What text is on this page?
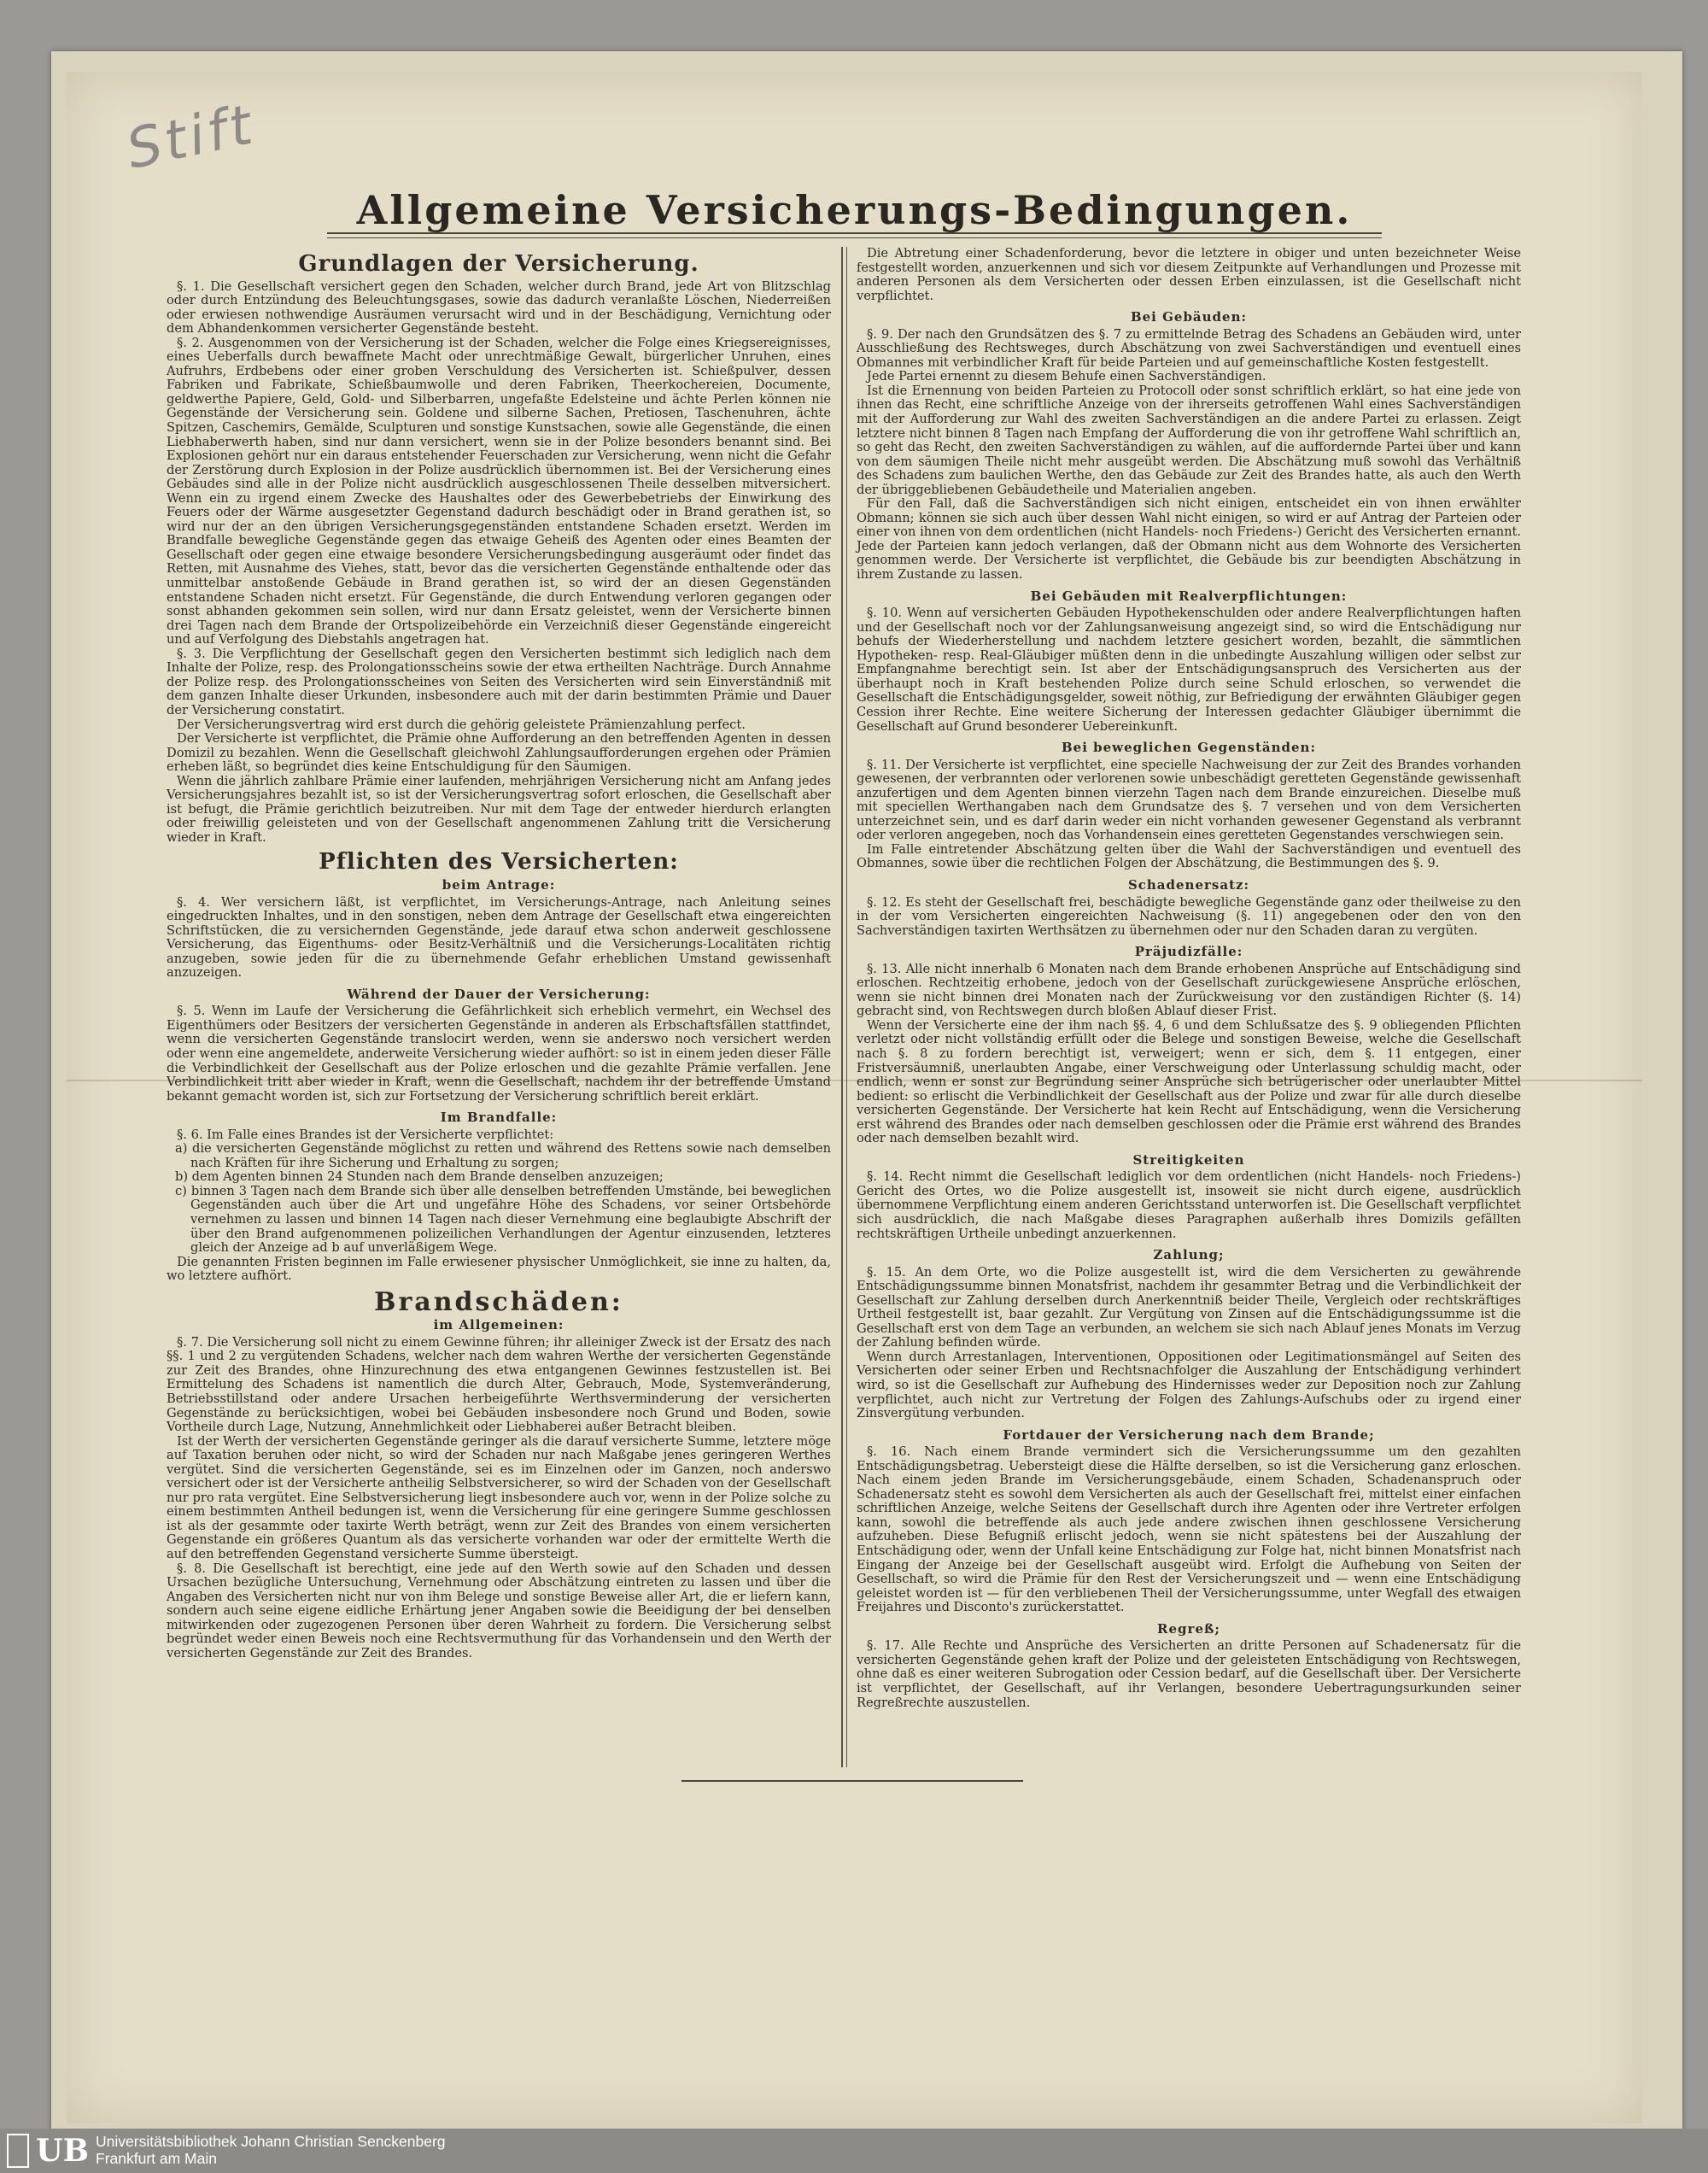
Stift
Allgemeine Versicherungs-Bedingungen.
Grundlagen der Versicherung.

§. 1. Die Gesellschaft versichert gegen den Schaden, welcher durch Brand, jede Art von Blitzschlag oder durch Entzündung des Beleuchtungsgases, sowie das dadurch veranlaßte Löschen, Niederreißen oder erwiesen nothwendige Ausräumen verursacht wird und in der Beschädigung, Vernichtung oder dem Abhandenkommen versicherter Gegenstände besteht.

§. 2. Ausgenommen von der Versicherung ist der Schaden, welcher die Folge eines Kriegsereignisses, eines Ueberfalls durch bewaffnete Macht oder unrechtmäßige Gewalt, bürgerlicher Unruhen, eines Aufruhrs, Erdbebens oder einer groben Verschuldung des Versicherten ist. Schießpulver, dessen Fabriken und Fabrikate, Schießbaumwolle und deren Fabriken, Theerkochereien, Documente, geldwerthe Papiere, Geld, Gold- und Silberbarren, ungefaßte Edelsteine und ächte Perlen können nie Gegenstände der Versicherung sein. Goldene und silberne Sachen, Pretiosen, Taschenuhren, ächte Spitzen, Caschemirs, Gemälde, Sculpturen und sonstige Kunstsachen, sowie alle Gegenstände, die einen Liebhaberwerth haben, sind nur dann versichert, wenn sie in der Polize besonders benannt sind. Bei Explosionen gehört nur ein daraus entstehender Feuerschaden zur Versicherung, wenn nicht die Gefahr der Zerstörung durch Explosion in der Polize ausdrücklich übernommen ist. Bei der Versicherung eines Gebäudes sind alle in der Polize nicht ausdrücklich ausgeschlossenen Theile desselben mitversichert. Wenn ein zu irgend einem Zwecke des Haushaltes oder des Gewerbebetriebs der Einwirkung des Feuers oder der Wärme ausgesetzter Gegenstand dadurch beschädigt oder in Brand gerathen ist, so wird nur der an den übrigen Versicherungsgegenständen entstandene Schaden ersetzt. Werden im Brandfalle bewegliche Gegenstände gegen das etwaige Geheiß des Agenten oder eines Beamten der Gesellschaft oder gegen eine etwaige besondere Versicherungsbedingung ausgeräumt oder findet das Retten, mit Ausnahme des Viehes, statt, bevor das die versicherten Gegenstände enthaltende oder das unmittelbar anstoßende Gebäude in Brand gerathen ist, so wird der an diesen Gegenständen entstandene Schaden nicht ersetzt. Für Gegenstände, die durch Entwendung verloren gegangen oder sonst abhanden gekommen sein sollen, wird nur dann Ersatz geleistet, wenn der Versicherte binnen drei Tagen nach dem Brande der Ortspolizeibehörde ein Verzeichniß dieser Gegenstände eingereicht und auf Verfolgung des Diebstahls angetragen hat.

§. 3. Die Verpflichtung der Gesellschaft gegen den Versicherten bestimmt sich lediglich nach dem Inhalte der Polize, resp. des Prolongationsscheins sowie der etwa ertheilten Nachträge. Durch Annahme der Polize resp. des Prolongationsscheines von Seiten des Versicherten wird sein Einverständniß mit dem ganzen Inhalte dieser Urkunden, insbesondere auch mit der darin bestimmten Prämie und Dauer der Versicherung constatirt.

Der Versicherungsvertrag wird erst durch die gehörig geleistete Prämienzahlung perfect.

Der Versicherte ist verpflichtet, die Prämie ohne Aufforderung an den betreffenden Agenten in dessen Domizil zu bezahlen. Wenn die Gesellschaft gleichwohl Zahlungsaufforderungen ergehen oder Prämien erheben läßt, so begründet dies keine Entschuldigung für den Säumigen.

Wenn die jährlich zahlbare Prämie einer laufenden, mehrjährigen Versicherung nicht am Anfang jedes Versicherungsjahres bezahlt ist, so ist der Versicherungsvertrag sofort erloschen, die Gesellschaft aber ist befugt, die Prämie gerichtlich beizutreiben. Nur mit dem Tage der entweder hierdurch erlangten oder freiwillig geleisteten und von der Gesellschaft angenommenen Zahlung tritt die Versicherung wieder in Kraft.

Pflichten des Versicherten:
beim Antrage:

§. 4. Wer versichern läßt, ist verpflichtet, im Versicherungs-Antrage, nach Anleitung seines eingedruckten Inhaltes, und in den sonstigen, neben dem Antrage der Gesellschaft etwa eingereichten Schriftstücken, die zu versichernden Gegenstände, jede darauf etwa schon anderweit geschlossene Versicherung, das Eigenthums- oder Besitz-Verhältniß und die Versicherungs-Localitäten richtig anzugeben, sowie jeden für die zu übernehmende Gefahr erheblichen Umstand gewissenhaft anzuzeigen.

Während der Dauer der Versicherung:

§. 5. Wenn im Laufe der Versicherung die Gefährlichkeit sich erheblich vermehrt, ein Wechsel des Eigenthümers oder Besitzers der versicherten Gegenstände in anderen als Erbschaftsfällen stattfindet, wenn die versicherten Gegenstände translocirt werden, wenn sie anderswo noch versichert werden oder wenn eine angemeldete, anderweite Versicherung wieder aufhört: so ist in einem jeden dieser Fälle die Verbindlichkeit der Gesellschaft aus der Polize erloschen und die gezahlte Prämie verfallen. Jene Verbindlichkeit tritt aber wieder in Kraft, wenn die Gesellschaft, nachdem ihr der betreffende Umstand bekannt gemacht worden ist, sich zur Fortsetzung der Versicherung schriftlich bereit erklärt.

Im Brandfalle:

§. 6. Im Falle eines Brandes ist der Versicherte verpflichtet:

a) die versicherten Gegenstände möglichst zu retten und während des Rettens sowie nach demselben nach Kräften für ihre Sicherung und Erhaltung zu sorgen;

b) dem Agenten binnen 24 Stunden nach dem Brande denselben anzuzeigen;

c) binnen 3 Tagen nach dem Brande sich über alle denselben betreffenden Umstände, bei beweglichen Gegenständen auch über die Art und ungefähre Höhe des Schadens, vor seiner Ortsbehörde vernehmen zu lassen und binnen 14 Tagen nach dieser Vernehmung eine beglaubigte Abschrift der über den Brand aufgenommenen polizeilichen Verhandlungen der Agentur einzusenden, letzteres gleich der Anzeige ad b auf unverläßigem Wege.

Die genannten Fristen beginnen im Falle erwiesener physischer Unmöglichkeit, sie inne zu halten, da, wo letztere aufhört.

Brandschäden:
im Allgemeinen:

§. 7. Die Versicherung soll nicht zu einem Gewinne führen; ihr alleiniger Zweck ist der Ersatz des nach §§. 1 und 2 zu vergütenden Schadens, welcher nach dem wahren Werthe der versicherten Gegenstände zur Zeit des Brandes, ohne Hinzurechnung des etwa entgangenen Gewinnes festzustellen ist. Bei Ermittelung des Schadens ist namentlich die durch Alter, Gebrauch, Mode, Systemveränderung, Betriebsstillstand oder andere Ursachen herbeigeführte Werthsverminderung der versicherten Gegenstände zu berücksichtigen, wobei bei Gebäuden insbesondere noch Grund und Boden, sowie Vortheile durch Lage, Nutzung, Annehmlichkeit oder Liebhaberei außer Betracht bleiben.

Ist der Werth der versicherten Gegenstände geringer als die darauf versicherte Summe, letztere möge auf Taxation beruhen oder nicht, so wird der Schaden nur nach Maßgabe jenes geringeren Werthes vergütet. Sind die versicherten Gegenstände, sei es im Einzelnen oder im Ganzen, noch anderswo versichert oder ist der Versicherte antheilig Selbstversicherer, so wird der Schaden von der Gesellschaft nur pro rata vergütet. Eine Selbstversicherung liegt insbesondere auch vor, wenn in der Polize solche zu einem bestimmten Antheil bedungen ist, wenn die Versicherung für eine geringere Summe geschlossen ist als der gesammte oder taxirte Werth beträgt, wenn zur Zeit des Brandes von einem versicherten Gegenstande ein größeres Quantum als das versicherte vorhanden war oder der ermittelte Werth die auf den betreffenden Gegenstand versicherte Summe übersteigt.

§. 8. Die Gesellschaft ist berechtigt, eine jede auf den Werth sowie auf den Schaden und dessen Ursachen bezügliche Untersuchung, Vernehmung oder Abschätzung eintreten zu lassen und über die Angaben des Versicherten nicht nur von ihm Belege und sonstige Beweise aller Art, die er liefern kann, sondern auch seine eigene eidliche Erhärtung jener Angaben sowie die Beeidigung der bei denselben mitwirkenden oder zugezogenen Personen über deren Wahrheit zu fordern. Die Versicherung selbst begründet weder einen Beweis noch eine Rechtsvermuthung für das Vorhandensein und den Werth der versicherten Gegenstände zur Zeit des Brandes.

Die Abtretung einer Schadenforderung, bevor die letztere in obiger und unten bezeichneter Weise festgestellt worden, anzuerkennen und sich vor diesem Zeitpunkte auf Verhandlungen und Prozesse mit anderen Personen als dem Versicherten oder dessen Erben einzulassen, ist die Gesellschaft nicht verpflichtet.

Bei Gebäuden:

§. 9. Der nach den Grundsätzen des §. 7 zu ermittelnde Betrag des Schadens an Gebäuden wird, unter Ausschließung des Rechtsweges, durch Abschätzung von zwei Sachverständigen und eventuell eines Obmannes mit verbindlicher Kraft für beide Parteien und auf gemeinschaftliche Kosten festgestellt.

Jede Partei ernennt zu diesem Behufe einen Sachverständigen.

Ist die Ernennung von beiden Parteien zu Protocoll oder sonst schriftlich erklärt, so hat eine jede von ihnen das Recht, eine schriftliche Anzeige von der ihrerseits getroffenen Wahl eines Sachverständigen mit der Aufforderung zur Wahl des zweiten Sachverständigen an die andere Partei zu erlassen. Zeigt letztere nicht binnen 8 Tagen nach Empfang der Aufforderung die von ihr getroffene Wahl schriftlich an, so geht das Recht, den zweiten Sachverständigen zu wählen, auf die auffordernde Partei über und kann von dem säumigen Theile nicht mehr ausgeübt werden. Die Abschätzung muß sowohl das Verhältniß des Schadens zum baulichen Werthe, den das Gebäude zur Zeit des Brandes hatte, als auch den Werth der übriggebliebenen Gebäudetheile und Materialien angeben.

Für den Fall, daß die Sachverständigen sich nicht einigen, entscheidet ein von ihnen erwählter Obmann; können sie sich auch über dessen Wahl nicht einigen, so wird er auf Antrag der Parteien oder einer von ihnen von dem ordentlichen (nicht Handels- noch Friedens-) Gericht des Versicherten ernannt. Jede der Parteien kann jedoch verlangen, daß der Obmann nicht aus dem Wohnorte des Versicherten genommen werde. Der Versicherte ist verpflichtet, die Gebäude bis zur beendigten Abschätzung in ihrem Zustande zu lassen.

Bei Gebäuden mit Realverpflichtungen:

§. 10. Wenn auf versicherten Gebäuden Hypothekenschulden oder andere Realverpflichtungen haften und der Gesellschaft noch vor der Zahlungsanweisung angezeigt sind, so wird die Entschädigung nur behufs der Wiederherstellung und nachdem letztere gesichert worden, bezahlt, die sämmtlichen Hypotheken- resp. Real-Gläubiger müßten denn in die unbedingte Auszahlung willigen oder selbst zur Empfangnahme berechtigt sein. Ist aber der Entschädigungsanspruch des Versicherten aus der überhaupt noch in Kraft bestehenden Polize durch seine Schuld erloschen, so verwendet die Gesellschaft die Entschädigungsgelder, soweit nöthig, zur Befriedigung der erwähnten Gläubiger gegen Cession ihrer Rechte. Eine weitere Sicherung der Interessen gedachter Gläubiger übernimmt die Gesellschaft auf Grund besonderer Uebereinkunft.

Bei beweglichen Gegenständen:

§. 11. Der Versicherte ist verpflichtet, eine specielle Nachweisung der zur Zeit des Brandes vorhanden gewesenen, der verbrannten oder verlorenen sowie unbeschädigt geretteten Gegenstände gewissenhaft anzufertigen und dem Agenten binnen vierzehn Tagen nach dem Brande einzureichen. Dieselbe muß mit speciellen Werthangaben nach dem Grundsatze des §. 7 versehen und von dem Versicherten unterzeichnet sein, und es darf darin weder ein nicht vorhanden gewesener Gegenstand als verbrannt oder verloren angegeben, noch das Vorhandensein eines geretteten Gegenstandes verschwiegen sein.

Im Falle eintretender Abschätzung gelten über die Wahl der Sachverständigen und eventuell des Obmannes, sowie über die rechtlichen Folgen der Abschätzung, die Bestimmungen des §. 9.

Schadenersatz:

§. 12. Es steht der Gesellschaft frei, beschädigte bewegliche Gegenstände ganz oder theilweise zu den in der vom Versicherten eingereichten Nachweisung (§. 11) angegebenen oder den von den Sachverständigen taxirten Werthsätzen zu übernehmen oder nur den Schaden daran zu vergüten.

Präjudizfälle:

§. 13. Alle nicht innerhalb 6 Monaten nach dem Brande erhobenen Ansprüche auf Entschädigung sind erloschen. Rechtzeitig erhobene, jedoch von der Gesellschaft zurückgewiesene Ansprüche erlöschen, wenn sie nicht binnen drei Monaten nach der Zurückweisung vor den zuständigen Richter (§. 14) gebracht sind, von Rechtswegen durch bloßen Ablauf dieser Frist.

Wenn der Versicherte eine der ihm nach §§. 4, 6 und dem Schlußsatze des §. 9 obliegenden Pflichten verletzt oder nicht vollständig erfüllt oder die Belege und sonstigen Beweise, welche die Gesellschaft nach §. 8 zu fordern berechtigt ist, verweigert; wenn er sich, dem §. 11 entgegen, einer Fristversäumniß, unerlaubten Angabe, einer Verschweigung oder Unterlassung schuldig macht, oder endlich, wenn er sonst zur Begründung seiner Ansprüche sich betrügerischer oder unerlaubter Mittel bedient: so erlischt die Verbindlichkeit der Gesellschaft aus der Polize und zwar für alle durch dieselbe versicherten Gegenstände. Der Versicherte hat kein Recht auf Entschädigung, wenn die Versicherung erst während des Brandes oder nach demselben geschlossen oder die Prämie erst während des Brandes oder nach demselben bezahlt wird.

Streitigkeiten

§. 14. Recht nimmt die Gesellschaft lediglich vor dem ordentlichen (nicht Handels- noch Friedens-) Gericht des Ortes, wo die Polize ausgestellt ist, insoweit sie nicht durch eigene, ausdrücklich übernommene Verpflichtung einem anderen Gerichtsstand unterworfen ist. Die Gesellschaft verpflichtet sich ausdrücklich, die nach Maßgabe dieses Paragraphen außerhalb ihres Domizils gefällten rechtskräftigen Urtheile unbedingt anzuerkennen.

Zahlung;

§. 15. An dem Orte, wo die Polize ausgestellt ist, wird die dem Versicherten zu gewährende Entschädigungssumme binnen Monatsfrist, nachdem ihr gesammter Betrag und die Verbindlichkeit der Gesellschaft zur Zahlung derselben durch Anerkenntniß beider Theile, Vergleich oder rechtskräftiges Urtheil festgestellt ist, baar gezahlt. Zur Vergütung von Zinsen auf die Entschädigungssumme ist die Gesellschaft erst von dem Tage an verbunden, an welchem sie sich nach Ablauf jenes Monats im Verzug der Zahlung befinden würde.

Wenn durch Arrestanlagen, Interventionen, Oppositionen oder Legitimationsmängel auf Seiten des Versicherten oder seiner Erben und Rechtsnachfolger die Auszahlung der Entschädigung verhindert wird, so ist die Gesellschaft zur Aufhebung des Hindernisses weder zur Deposition noch zur Zahlung verpflichtet, auch nicht zur Vertretung der Folgen des Zahlungs-Aufschubs oder zu irgend einer Zinsvergütung verbunden.

Fortdauer der Versicherung nach dem Brande;

§. 16. Nach einem Brande vermindert sich die Versicherungssumme um den gezahlten Entschädigungsbetrag. Uebersteigt diese die Hälfte derselben, so ist die Versicherung ganz erloschen. Nach einem jeden Brande im Versicherungsgebäude, einem Schaden, Schadenanspruch oder Schadenersatz steht es sowohl dem Versicherten als auch der Gesellschaft frei, mittelst einer einfachen schriftlichen Anzeige, welche Seitens der Gesellschaft durch ihre Agenten oder ihre Vertreter erfolgen kann, sowohl die betreffende als auch jede andere zwischen ihnen geschlossene Versicherung aufzuheben. Diese Befugniß erlischt jedoch, wenn sie nicht spätestens bei der Auszahlung der Entschädigung oder, wenn der Unfall keine Entschädigung zur Folge hat, nicht binnen Monatsfrist nach Eingang der Anzeige bei der Gesellschaft ausgeübt wird. Erfolgt die Aufhebung von Seiten der Gesellschaft, so wird die Prämie für den Rest der Versicherungszeit und — wenn eine Entschädigung geleistet worden ist — für den verbliebenen Theil der Versicherungssumme, unter Wegfall des etwaigen Freijahres und Disconto's zurückerstattet.

Regreß;

§. 17. Alle Rechte und Ansprüche des Versicherten an dritte Personen auf Schadenersatz für die versicherten Gegenstände gehen kraft der Polize und der geleisteten Entschädigung von Rechtswegen, ohne daß es einer weiteren Subrogation oder Cession bedarf, auf die Gesellschaft über. Der Versicherte ist verpflichtet, der Gesellschaft, auf ihr Verlangen, besondere Uebertragungsurkunden seiner Regreßrechte auszustellen.

UB Universitätsbibliothek Johann Christian Senckenberg
Frankfurt am Main
